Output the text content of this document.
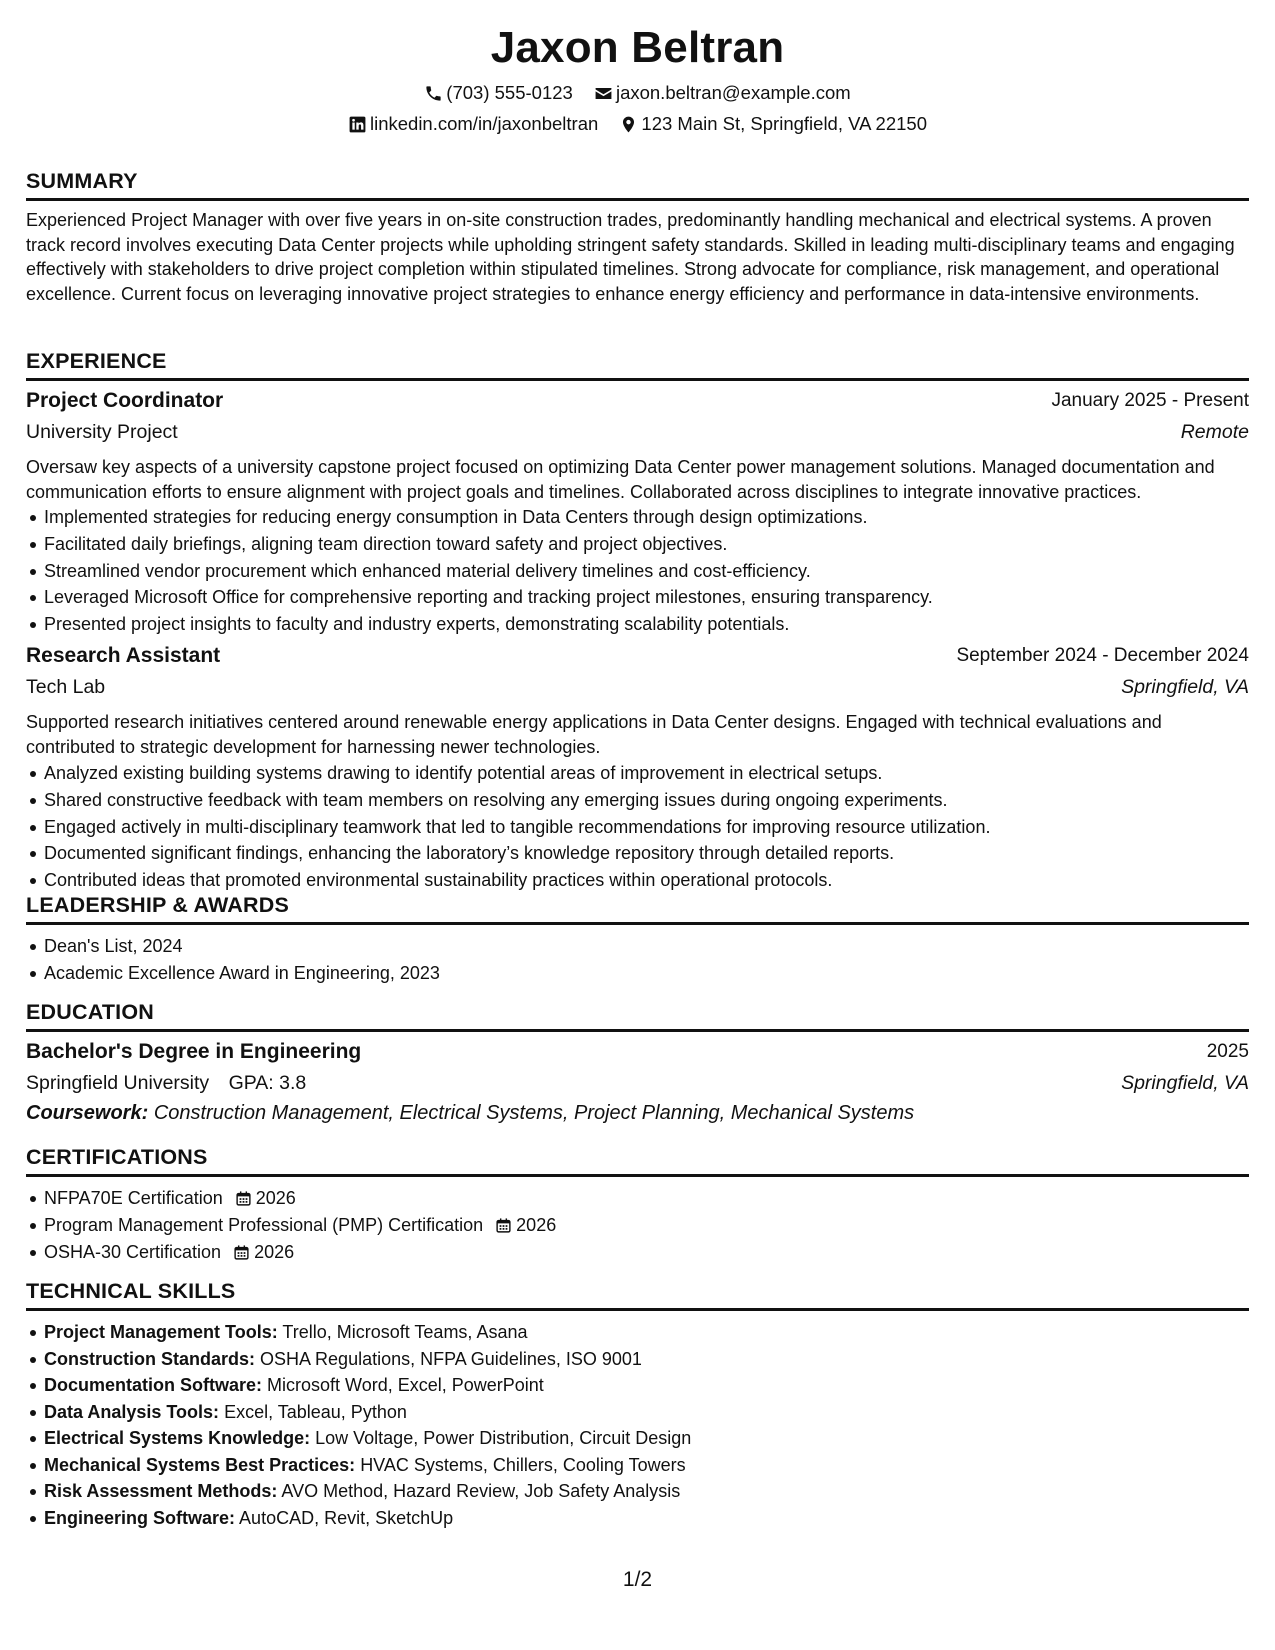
Jaxon Beltran
(703) 555-0123
jaxon.beltran@example.com
linkedin.com/in/jaxonbeltran
123 Main St, Springfield, VA 22150
SUMMARY
Experienced Project Manager with over five years in on-site construction trades, predominantly handling mechanical and electrical systems. A proven track record involves executing Data Center projects while upholding stringent safety standards. Skilled in leading multi-disciplinary teams and engaging effectively with stakeholders to drive project completion within stipulated timelines. Strong advocate for compliance, risk management, and operational excellence. Current focus on leveraging innovative project strategies to enhance energy efficiency and performance in data-intensive environments.
EXPERIENCE
Project Coordinator	January 2025 - Present
University Project	Remote
Oversaw key aspects of a university capstone project focused on optimizing Data Center power management solutions. Managed documentation and communication efforts to ensure alignment with project goals and timelines. Collaborated across disciplines to integrate innovative practices.
Implemented strategies for reducing energy consumption in Data Centers through design optimizations.
Facilitated daily briefings, aligning team direction toward safety and project objectives.
Streamlined vendor procurement which enhanced material delivery timelines and cost-efficiency.
Leveraged Microsoft Office for comprehensive reporting and tracking project milestones, ensuring transparency.
Presented project insights to faculty and industry experts, demonstrating scalability potentials.
Research Assistant	September 2024 - December 2024
Tech Lab	Springfield, VA
Supported research initiatives centered around renewable energy applications in Data Center designs. Engaged with technical evaluations and contributed to strategic development for harnessing newer technologies.
Analyzed existing building systems drawing to identify potential areas of improvement in electrical setups.
Shared constructive feedback with team members on resolving any emerging issues during ongoing experiments.
Engaged actively in multi-disciplinary teamwork that led to tangible recommendations for improving resource utilization.
Documented significant findings, enhancing the laboratory’s knowledge repository through detailed reports.
Contributed ideas that promoted environmental sustainability practices within operational protocols.
LEADERSHIP & AWARDS
Dean's List, 2024
Academic Excellence Award in Engineering, 2023
EDUCATION
Bachelor's Degree in Engineering	2025
Springfield University GPA: 3.8	Springfield, VA
Coursework: Construction Management, Electrical Systems, Project Planning, Mechanical Systems
CERTIFICATIONS
NFPA70E Certification 2026
Program Management Professional (PMP) Certification 2026
OSHA-30 Certification 2026
TECHNICAL SKILLS
Project Management Tools: Trello, Microsoft Teams, Asana
Construction Standards: OSHA Regulations, NFPA Guidelines, ISO 9001
Documentation Software: Microsoft Word, Excel, PowerPoint
Data Analysis Tools: Excel, Tableau, Python
Electrical Systems Knowledge: Low Voltage, Power Distribution, Circuit Design
Mechanical Systems Best Practices: HVAC Systems, Chillers, Cooling Towers
Risk Assessment Methods: AVO Method, Hazard Review, Job Safety Analysis
Engineering Software: AutoCAD, Revit, SketchUp
1/2
